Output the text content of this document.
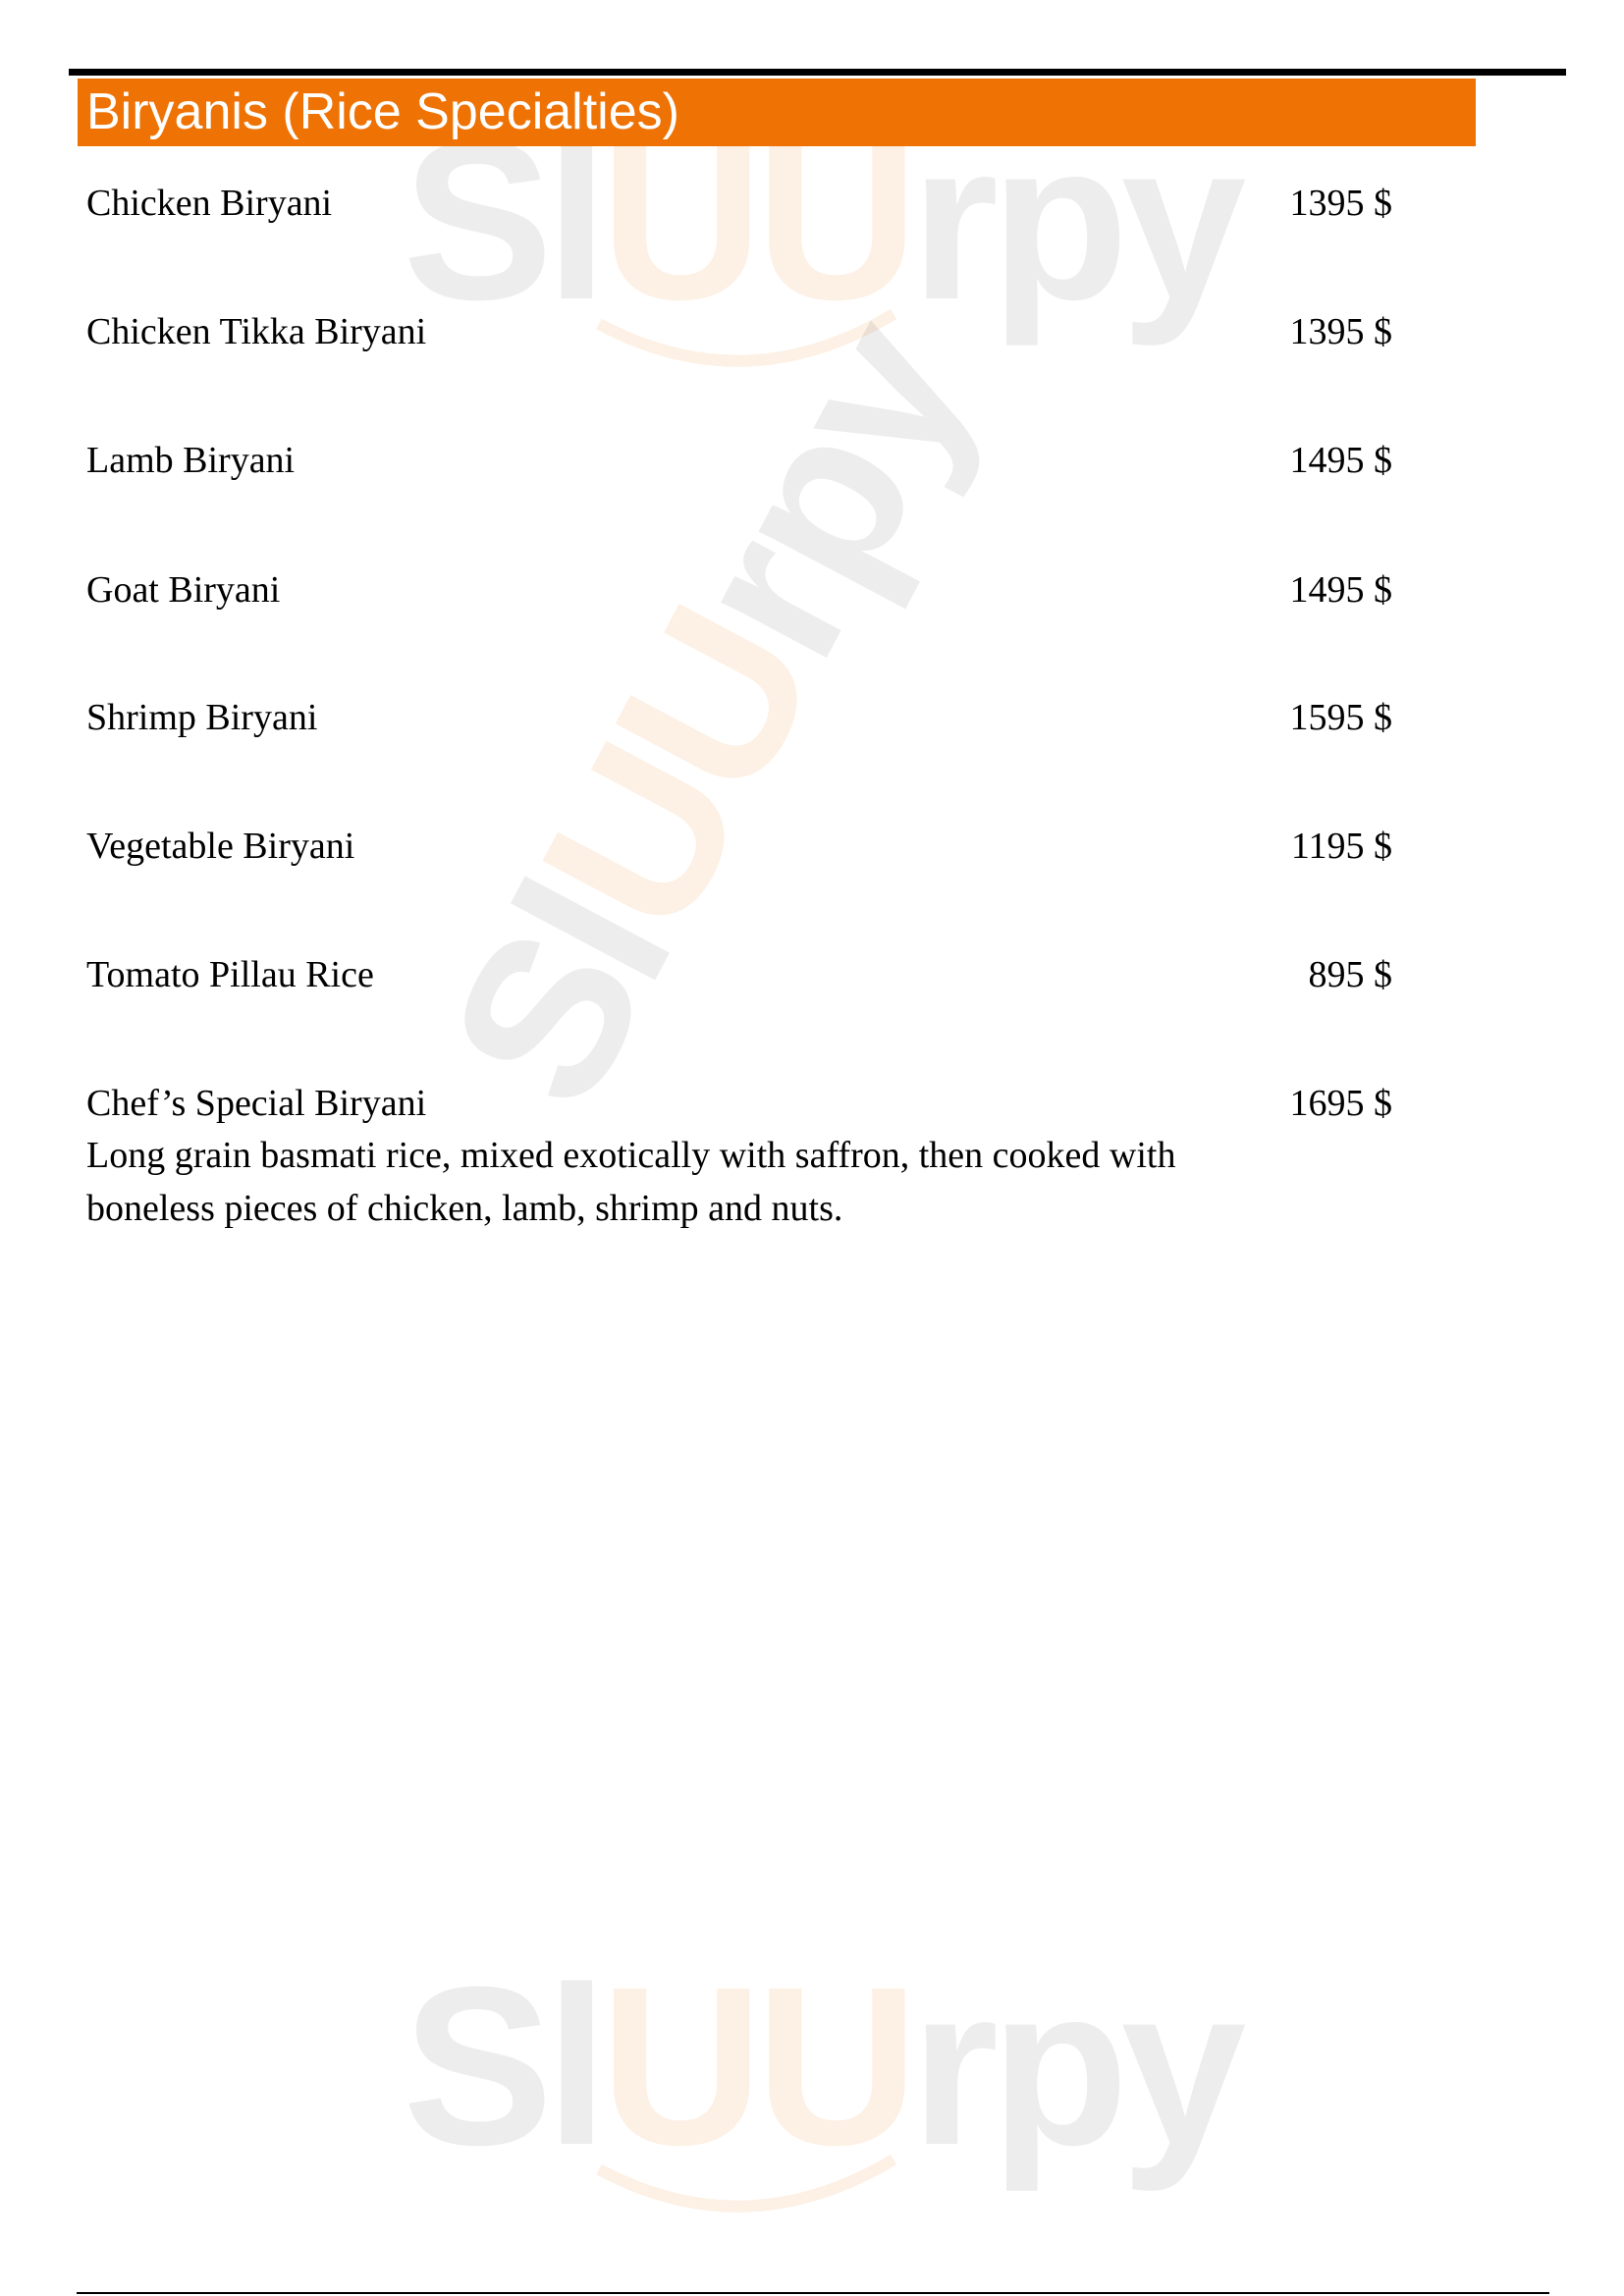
SlUUrpy
SlUUrpy
SlUUrpy
Biryanis (Rice Specialties)
Chicken Biryani	1395 $
Chicken Tikka Biryani	1395 $
Lamb Biryani	1495 $
Goat Biryani	1495 $
Shrimp Biryani	1595 $
Vegetable Biryani	1195 $
Tomato Pillau Rice	895 $
Chef’s Special Biryani	1695 $
Long grain basmati rice, mixed exotically with saffron, then cooked with boneless pieces of chicken, lamb, shrimp and nuts.
